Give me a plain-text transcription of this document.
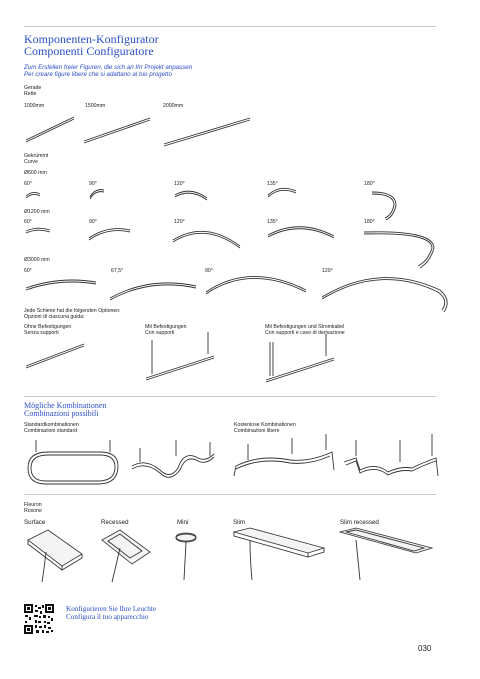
Komponenten-Konfigurator
Componenti Configuratore
Zum Erstellen freier Figuren, die sich an Ihr Projekt anpassen
Per creare figure libere che si adattano al tuo progetto
Gerade
Rette
1000mm	1500mm	2000mm
Gekrümmt
Curve
Ø600 mm
60°	90°	120°	135°	180°
Ø1200 mm
60°	90°	120°	135°	180°
Ø3000 mm
60°	67,5°	90°	120°
Jede Schiene hat die folgenden Optionen:
Opzioni di ciascuna guida:
Ohne Befestigungen
Senza supporti
Mit Befestigungen
Con supporti
Mit Befestigungen und Stromkabel
Con supporti e cavo di derivazione
Mögliche Kombinationen
Combinazioni possibili
Standardkombinationen
Combinazioni standard
Kostenlose Kombinationen
Combinazioni libere
Fleuron
Rosone
Surface	Recessed	Mini	Slim	Slim recessed
Konfigurieren Sie Ihre Leuchte
Configura il tuo apparecchio
030
